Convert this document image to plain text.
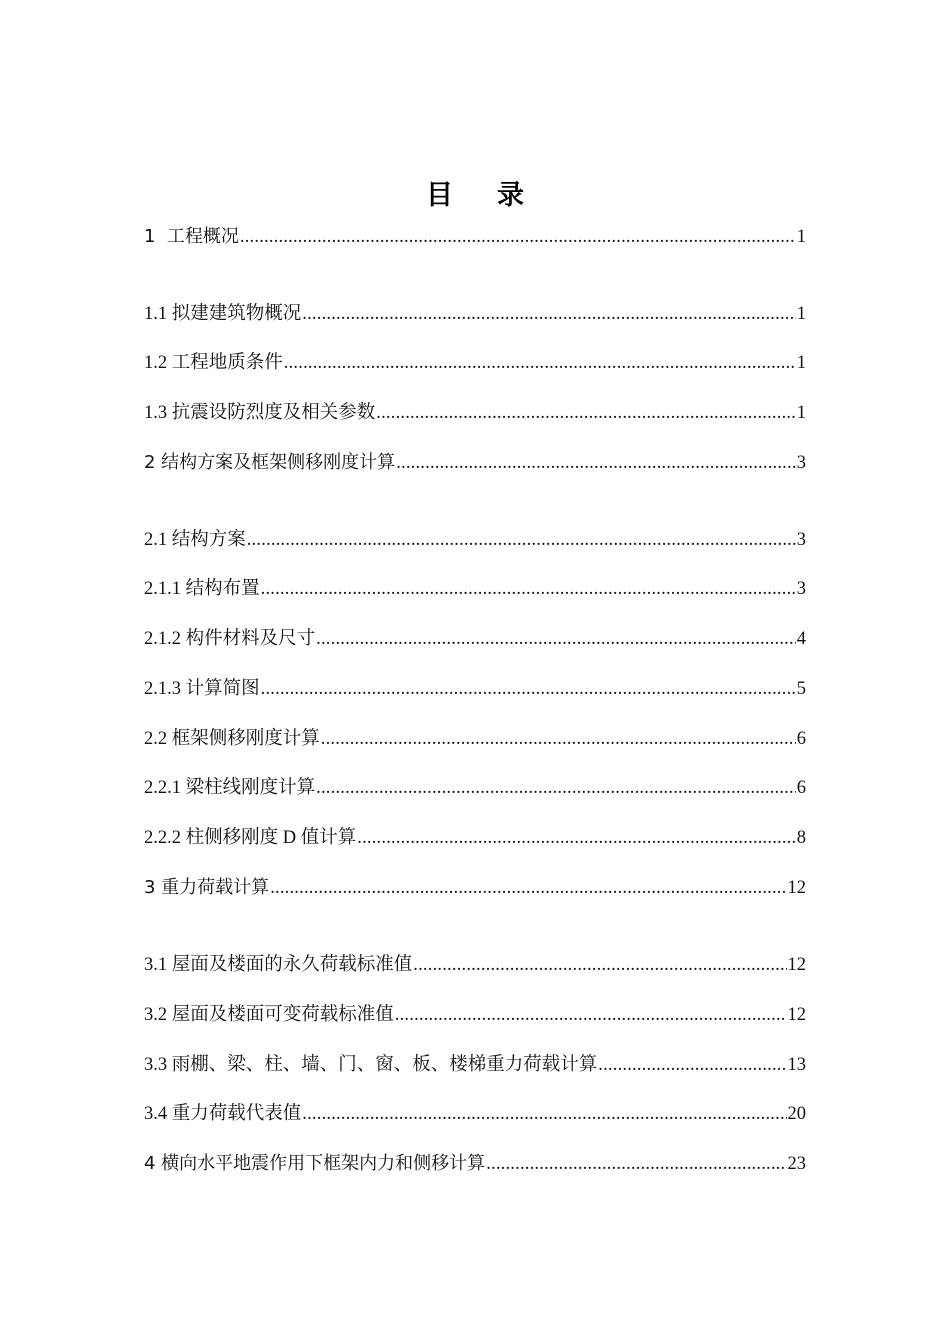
目 录
1  工程概况 .....	1
1.1 拟建建筑物概况 .....	1
1.2 工程地质条件 .....	1
1.3 抗震设防烈度及相关参数 .....	1
2 结构方案及框架侧移刚度计算 .....	3
2.1 结构方案 .....	3
2.1.1 结构布置 .....	3
2.1.2 构件材料及尺寸 .....	4
2.1.3 计算简图 .....	5
2.2 框架侧移刚度计算 .....	6
2.2.1 梁柱线刚度计算 .....	6
2.2.2 柱侧移刚度 D 值计算 .....	8
3 重力荷载计算 .....	12
3.1 屋面及楼面的永久荷载标准值 .....	12
3.2 屋面及楼面可变荷载标准值 .....	12
3.3 雨棚、梁、柱、墙、门、窗、板、楼梯重力荷载计算 .....	13
3.4 重力荷载代表值 .....	20
4 横向水平地震作用下框架内力和侧移计算 .....	23
